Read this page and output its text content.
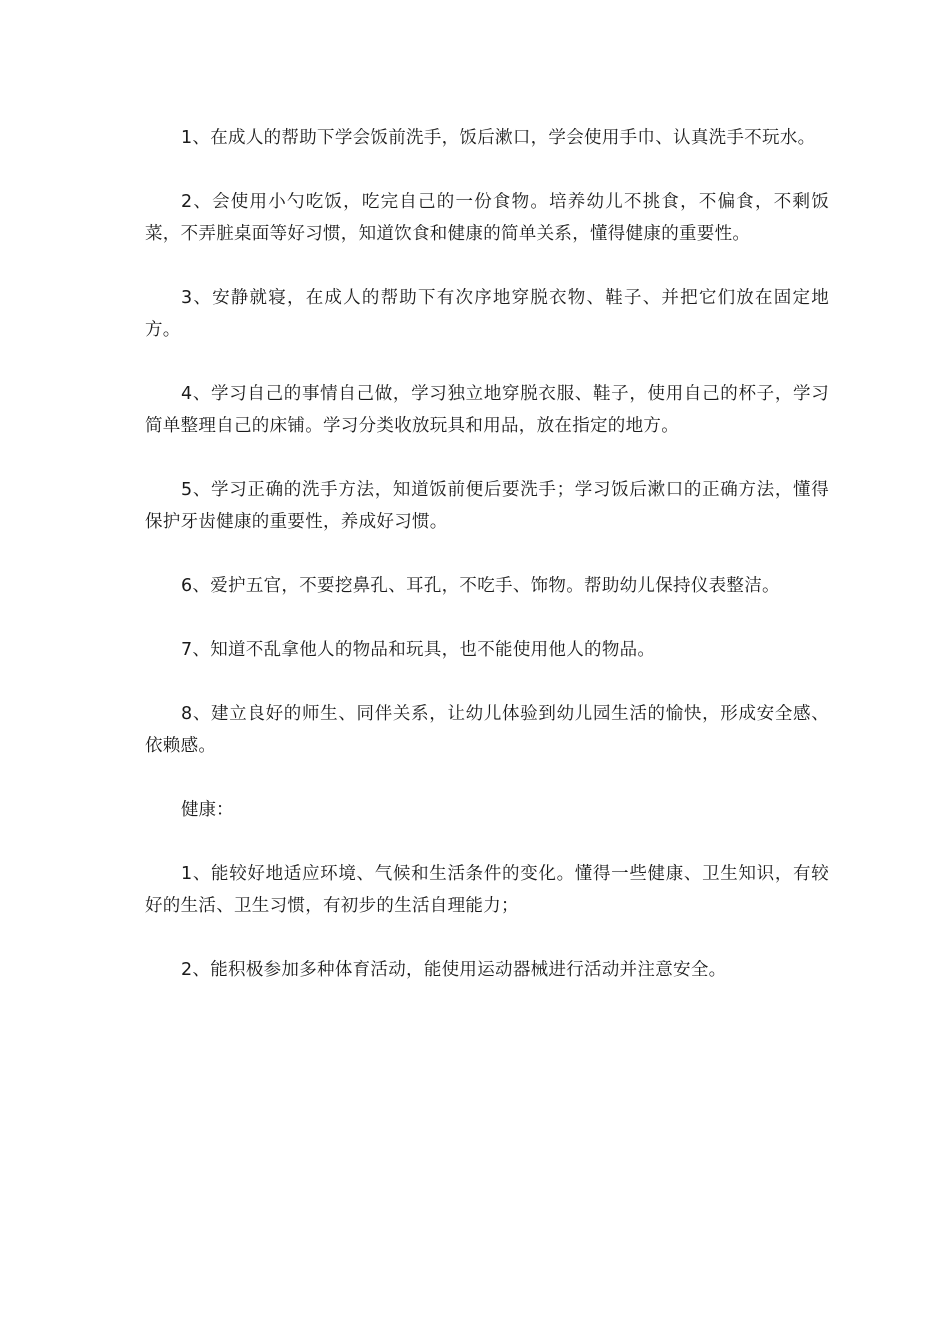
1、在成人的帮助下学会饭前洗手，饭后漱口，学会使用手巾、认真洗手不玩水。

2、会使用小勺吃饭，吃完自己的一份食物。培养幼儿不挑食，不偏食，不剩饭菜，不弄脏桌面等好习惯，知道饮食和健康的简单关系，懂得健康的重要性。

3、安静就寝，在成人的帮助下有次序地穿脱衣物、鞋子、并把它们放在固定地方。

4、学习自己的事情自己做，学习独立地穿脱衣服、鞋子，使用自己的杯子，学习简单整理自己的床铺。学习分类收放玩具和用品，放在指定的地方。

5、学习正确的洗手方法，知道饭前便后要洗手；学习饭后漱口的正确方法，懂得保护牙齿健康的重要性，养成好习惯。

6、爱护五官，不要挖鼻孔、耳孔，不吃手、饰物。帮助幼儿保持仪表整洁。

7、知道不乱拿他人的物品和玩具，也不能使用他人的物品。

8、建立良好的师生、同伴关系，让幼儿体验到幼儿园生活的愉快，形成安全感、依赖感。

健康：

1、能较好地适应环境、气候和生活条件的变化。懂得一些健康、卫生知识，有较好的生活、卫生习惯，有初步的生活自理能力；

2、能积极参加多种体育活动，能使用运动器械进行活动并注意安全。
